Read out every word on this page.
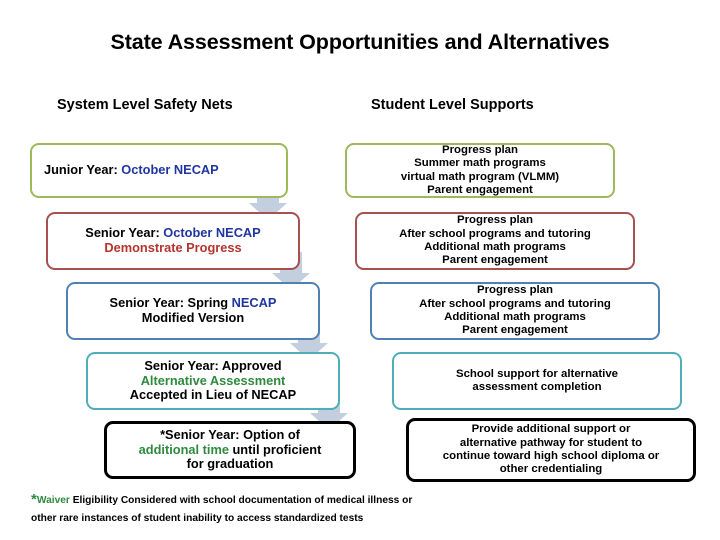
State Assessment Opportunities and Alternatives
System Level Safety Nets	Student Level Supports
Junior Year: October NECAP
Progress plan
Summer math programs
virtual math program (VLMM)
Parent engagement
Senior Year: October NECAP
Demonstrate Progress
Progress plan
After school programs and tutoring
Additional math programs
Parent engagement
Senior Year: Spring NECAP
Modified Version
Progress plan
After school programs and tutoring
Additional math programs
Parent engagement
Senior Year: Approved
Alternative Assessment
Accepted in Lieu of NECAP
School support for alternative
assessment completion
*Senior Year: Option of
additional time until proficient
for graduation
Provide additional support or
alternative pathway for student to
continue toward high school diploma or
other credentialing
*Waiver Eligibility Considered with school documentation of medical illness or
other rare instances of student inability to access standardized tests
